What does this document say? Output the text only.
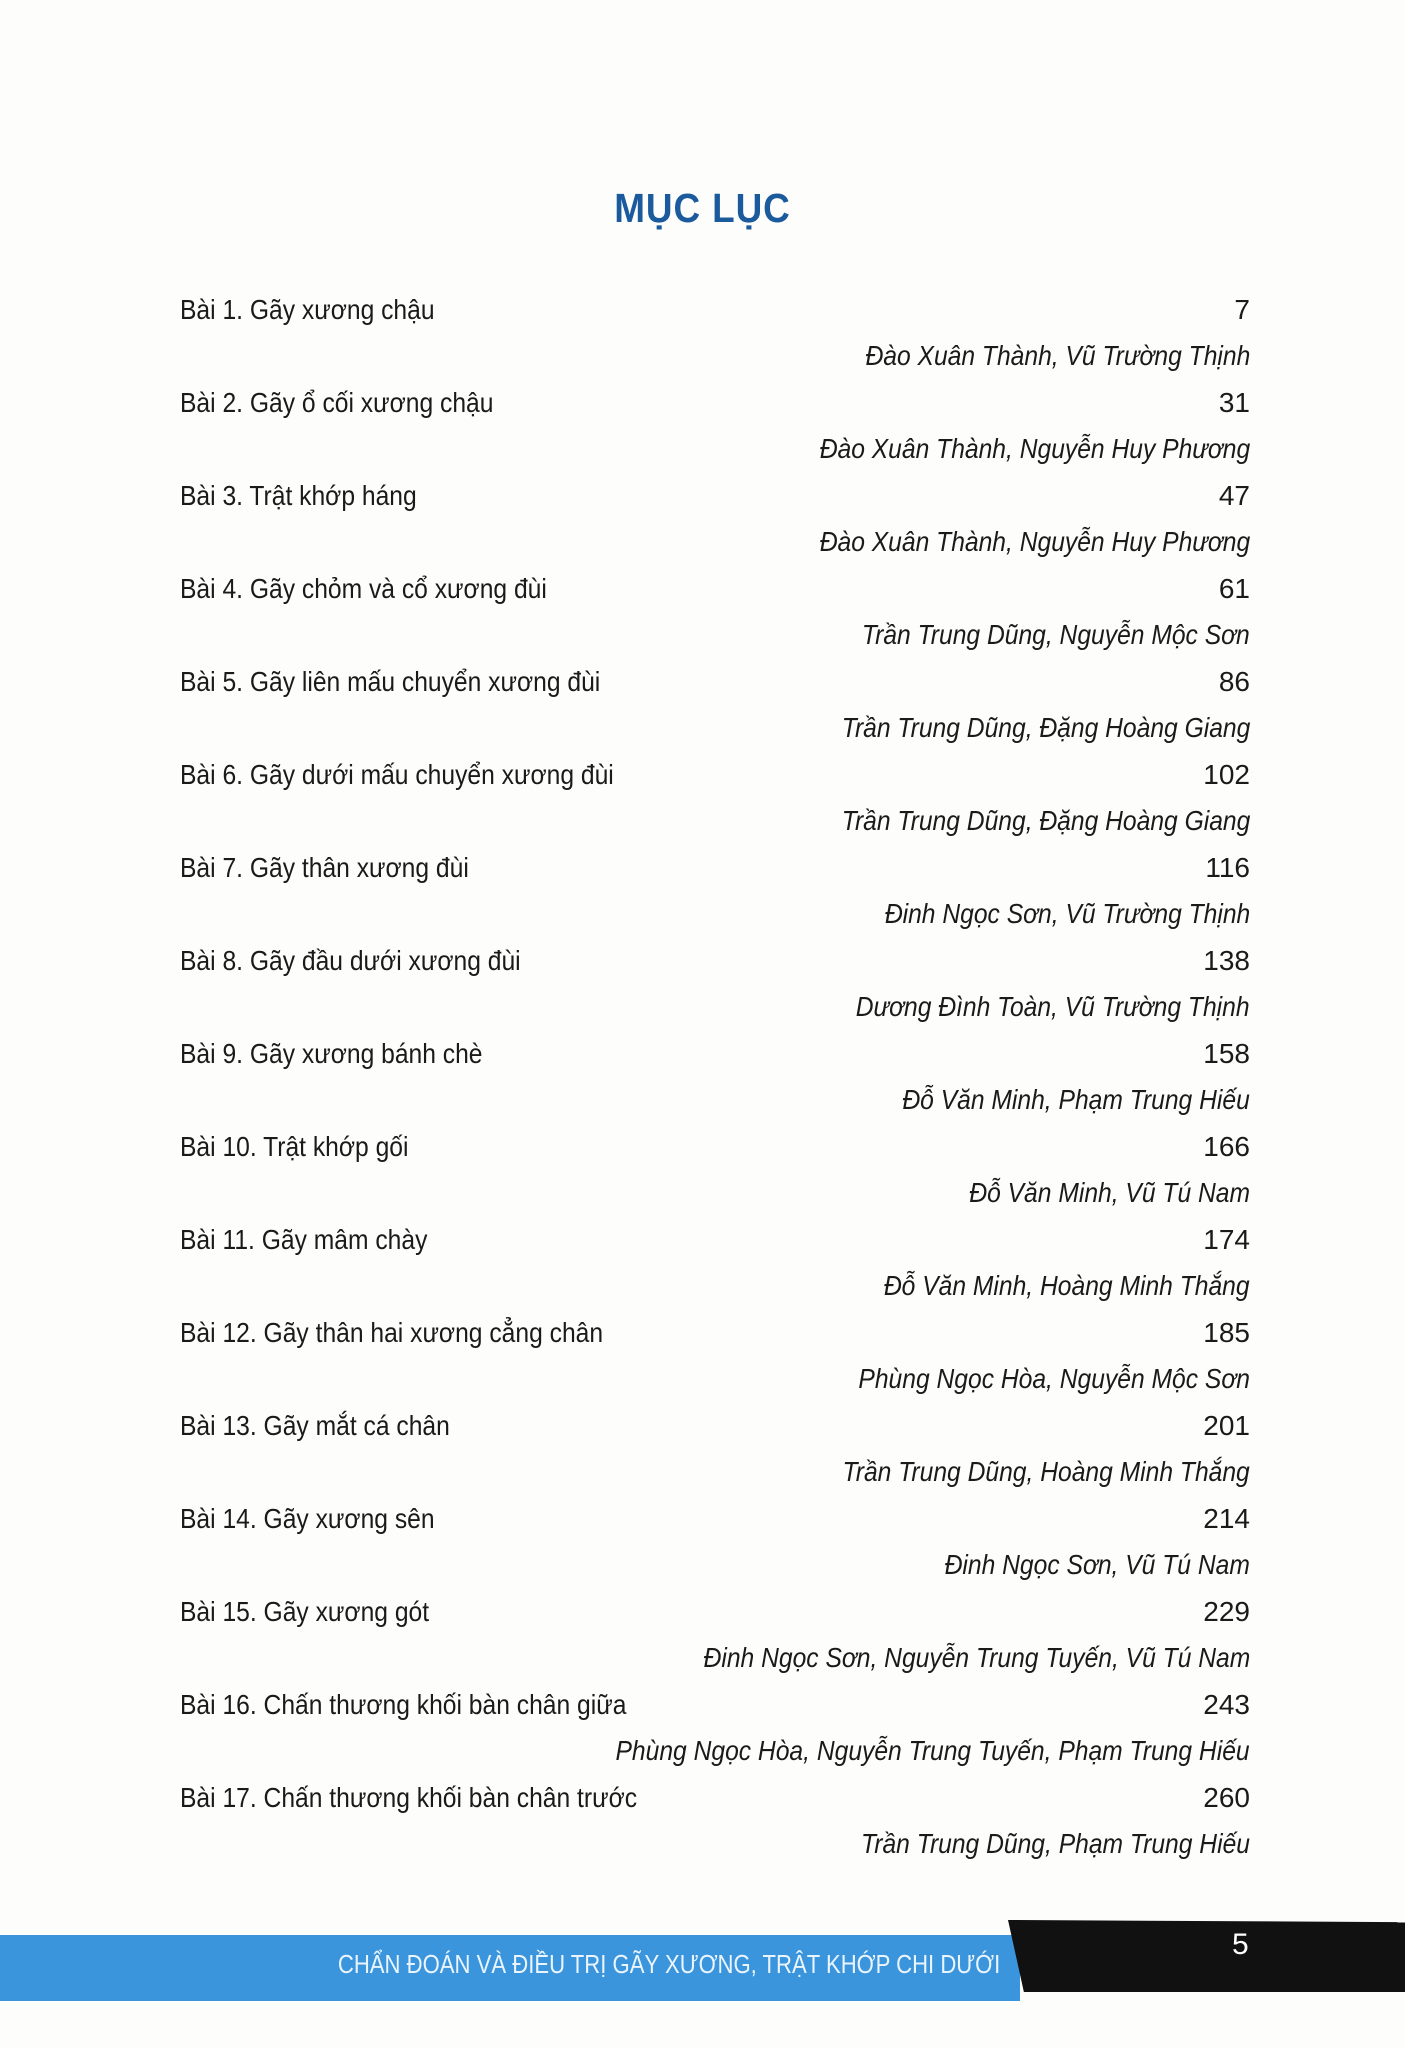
MỤC LỤC
Bài 1. Gãy xương chậu	7
Đào Xuân Thành, Vũ Trường Thịnh
Bài 2. Gãy ổ cối xương chậu	31
Đào Xuân Thành, Nguyễn Huy Phương
Bài 3. Trật khớp háng	47
Đào Xuân Thành, Nguyễn Huy Phương
Bài 4. Gãy chỏm và cổ xương đùi	61
Trần Trung Dũng, Nguyễn Mộc Sơn
Bài 5. Gãy liên mấu chuyển xương đùi	86
Trần Trung Dũng, Đặng Hoàng Giang
Bài 6. Gãy dưới mấu chuyển xương đùi	102
Trần Trung Dũng, Đặng Hoàng Giang
Bài 7. Gãy thân xương đùi	116
Đinh Ngọc Sơn, Vũ Trường Thịnh
Bài 8. Gãy đầu dưới xương đùi	138
Dương Đình Toàn, Vũ Trường Thịnh
Bài 9. Gãy xương bánh chè	158
Đỗ Văn Minh, Phạm Trung Hiếu
Bài 10. Trật khớp gối	166
Đỗ Văn Minh, Vũ Tú Nam
Bài 11. Gãy mâm chày	174
Đỗ Văn Minh, Hoàng Minh Thắng
Bài 12. Gãy thân hai xương cẳng chân	185
Phùng Ngọc Hòa, Nguyễn Mộc Sơn
Bài 13. Gãy mắt cá chân	201
Trần Trung Dũng, Hoàng Minh Thắng
Bài 14. Gãy xương sên	214
Đinh Ngọc Sơn, Vũ Tú Nam
Bài 15. Gãy xương gót	229
Đinh Ngọc Sơn, Nguyễn Trung Tuyến, Vũ Tú Nam
Bài 16. Chấn thương khối bàn chân giữa	243
Phùng Ngọc Hòa, Nguyễn Trung Tuyến, Phạm Trung Hiếu
Bài 17. Chấn thương khối bàn chân trước	260
Trần Trung Dũng, Phạm Trung Hiếu
CHẨN ĐOÁN VÀ ĐIỀU TRỊ GÃY XƯƠNG, TRẬT KHỚP CHI DƯỚI
5
